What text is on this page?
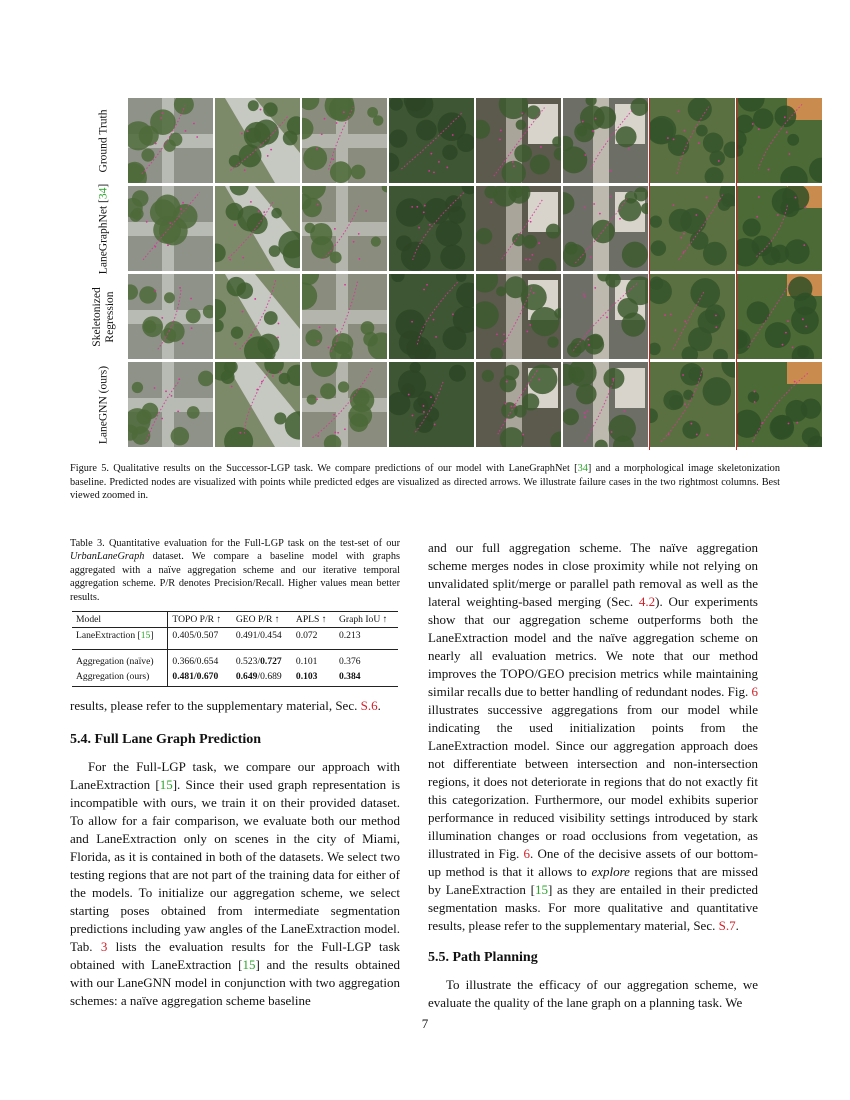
Ground Truth
LaneGraphNet [34]
Skeletonized
Regression
LaneGNN (ours)
Figure 5. Qualitative results on the Successor-LGP task. We compare predictions of our model with LaneGraphNet [34] and a morphological image skeletonization baseline. Predicted nodes are visualized with points while predicted edges are visualized as directed arrows. We illustrate failure cases in the two rightmost columns. Best viewed zoomed in.
Table 3. Quantitative evaluation for the Full-LGP task on the test-set of our UrbanLaneGraph dataset. We compare a baseline model with graphs aggregated with a naïve aggregation scheme and our iterative temporal aggregation scheme. P/R denotes Precision/Recall. Higher values mean better results.
Model	TOPO P/R ↑	GEO P/R ↑	APLS ↑	Graph IoU ↑
LaneExtraction [15]	0.405/0.507	0.491/0.454	0.072	0.213
Aggregation (naïve)	0.366/0.654	0.523/0.727	0.101	0.376
Aggregation (ours)	0.481/0.670	0.649/0.689	0.103	0.384

results, please refer to the supplementary material, Sec. S.6.

5.4. Full Lane Graph Prediction

For the Full-LGP task, we compare our approach with LaneExtraction [15]. Since their used graph representation is incompatible with ours, we train it on their provided dataset. To allow for a fair comparison, we evaluate both our method and LaneExtraction only on scenes in the city of Miami, Florida, as it is contained in both of the datasets. We select two testing regions that are not part of the training data for either of the models. To initialize our aggregation scheme, we select starting poses obtained from intermediate segmentation predictions including yaw angles of the LaneExtraction model. Tab. 3 lists the evaluation results for the Full-LGP task obtained with LaneExtraction [15] and the results obtained with our LaneGNN model in conjunction with two aggregation schemes: a naïve aggregation scheme baseline

and our full aggregation scheme. The naïve aggregation scheme merges nodes in close proximity while not relying on unvalidated split/merge or parallel path removal as well as the lateral weighting-based merging (Sec. 4.2). Our experiments show that our aggregation scheme outperforms both the LaneExtraction model and the naïve aggregation scheme on nearly all evaluation metrics. We note that our method improves the TOPO/GEO precision metrics while maintaining similar recalls due to better handling of redundant nodes. Fig. 6 illustrates successive aggregations from our model while indicating the used initialization points from the LaneExtraction model. Since our aggregation approach does not differentiate between intersection and non-intersection regions, it does not deteriorate in regions that do not exactly fit this categorization. Furthermore, our model exhibits superior performance in reduced visibility settings introduced by stark illumination changes or road occlusions from vegetation, as illustrated in Fig. 6. One of the decisive assets of our bottom-up method is that it allows to explore regions that are missed by LaneExtraction [15] as they are entailed in their predicted segmentation masks. For more qualitative and quantitative results, please refer to the supplementary material, Sec. S.7.

5.5. Path Planning

To illustrate the efficacy of our aggregation scheme, we evaluate the quality of the lane graph on a planning task. We

7
